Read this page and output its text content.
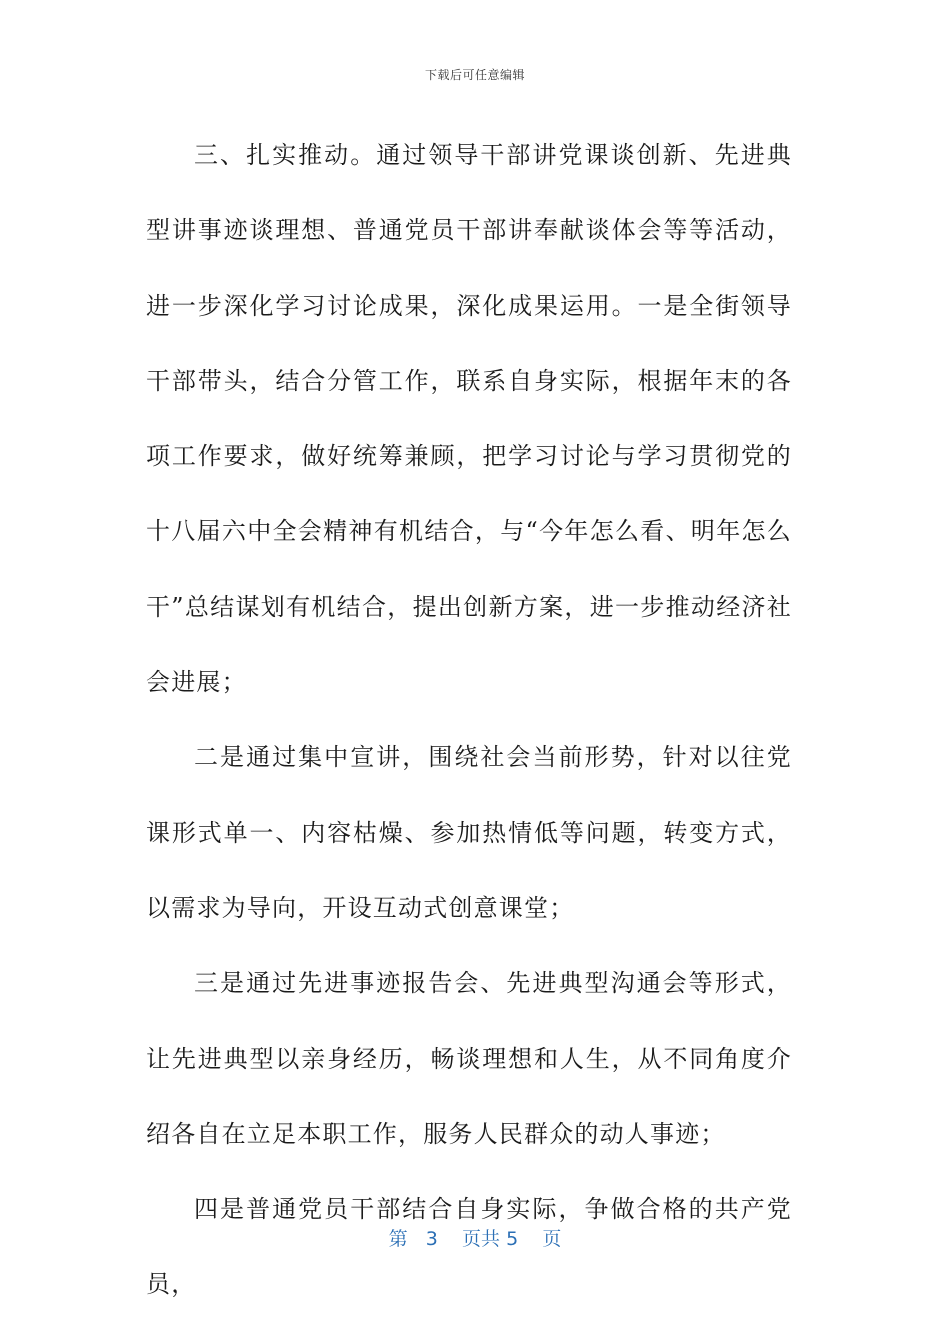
下载后可任意编辑

三、扎实推动。通过领导干部讲党课谈创新、先进典型讲事迹谈理想、普通党员干部讲奉献谈体会等等活动，进一步深化学习讨论成果，深化成果运用。一是全街领导干部带头，结合分管工作，联系自身实际，根据年末的各项工作要求，做好统筹兼顾，把学习讨论与学习贯彻党的十八届六中全会精神有机结合，与“今年怎么看、明年怎么干”总结谋划有机结合，提出创新方案，进一步推动经济社会进展；

二是通过集中宣讲，围绕社会当前形势，针对以往党课形式单一、内容枯燥、参加热情低等问题，转变方式，以需求为导向，开设互动式创意课堂；

三是通过先进事迹报告会、先进典型沟通会等形式，让先进典型以亲身经历，畅谈理想和人生，从不同角度介绍各自在立足本职工作，服务人民群众的动人事迹；

四是普通党员干部结合自身实际，争做合格的共产党员，

第 3 页共 5 页
